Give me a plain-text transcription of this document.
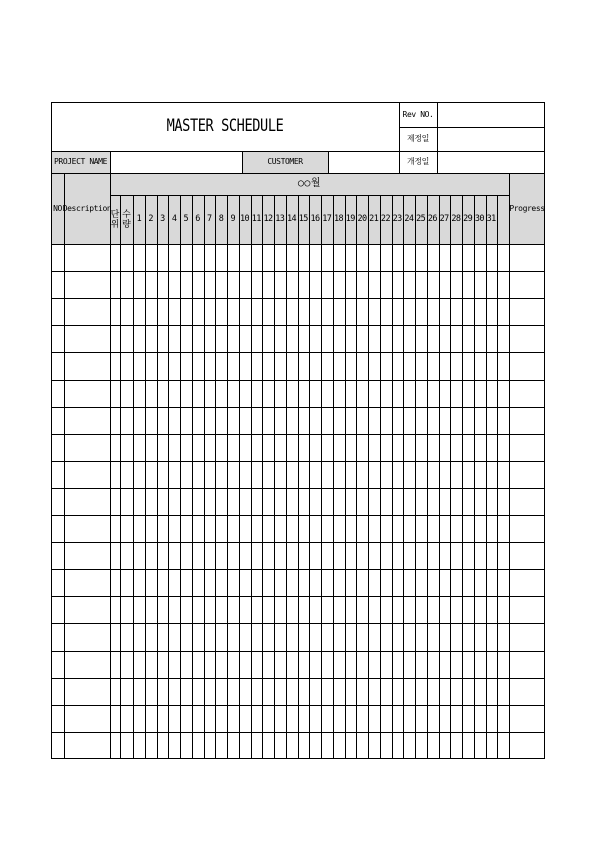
MASTER SCHEDULE
Rev NO.
제정일
PROJECT NAME	CUSTOMER	개정일
NO Description
○○월
Progress
단
위
수
량
1 2 3 4 5 6 7 8 9 10 11 12 13 14 15 16 17 18 19 20 21 22 23 24 25 26 27 28 29 30 31
